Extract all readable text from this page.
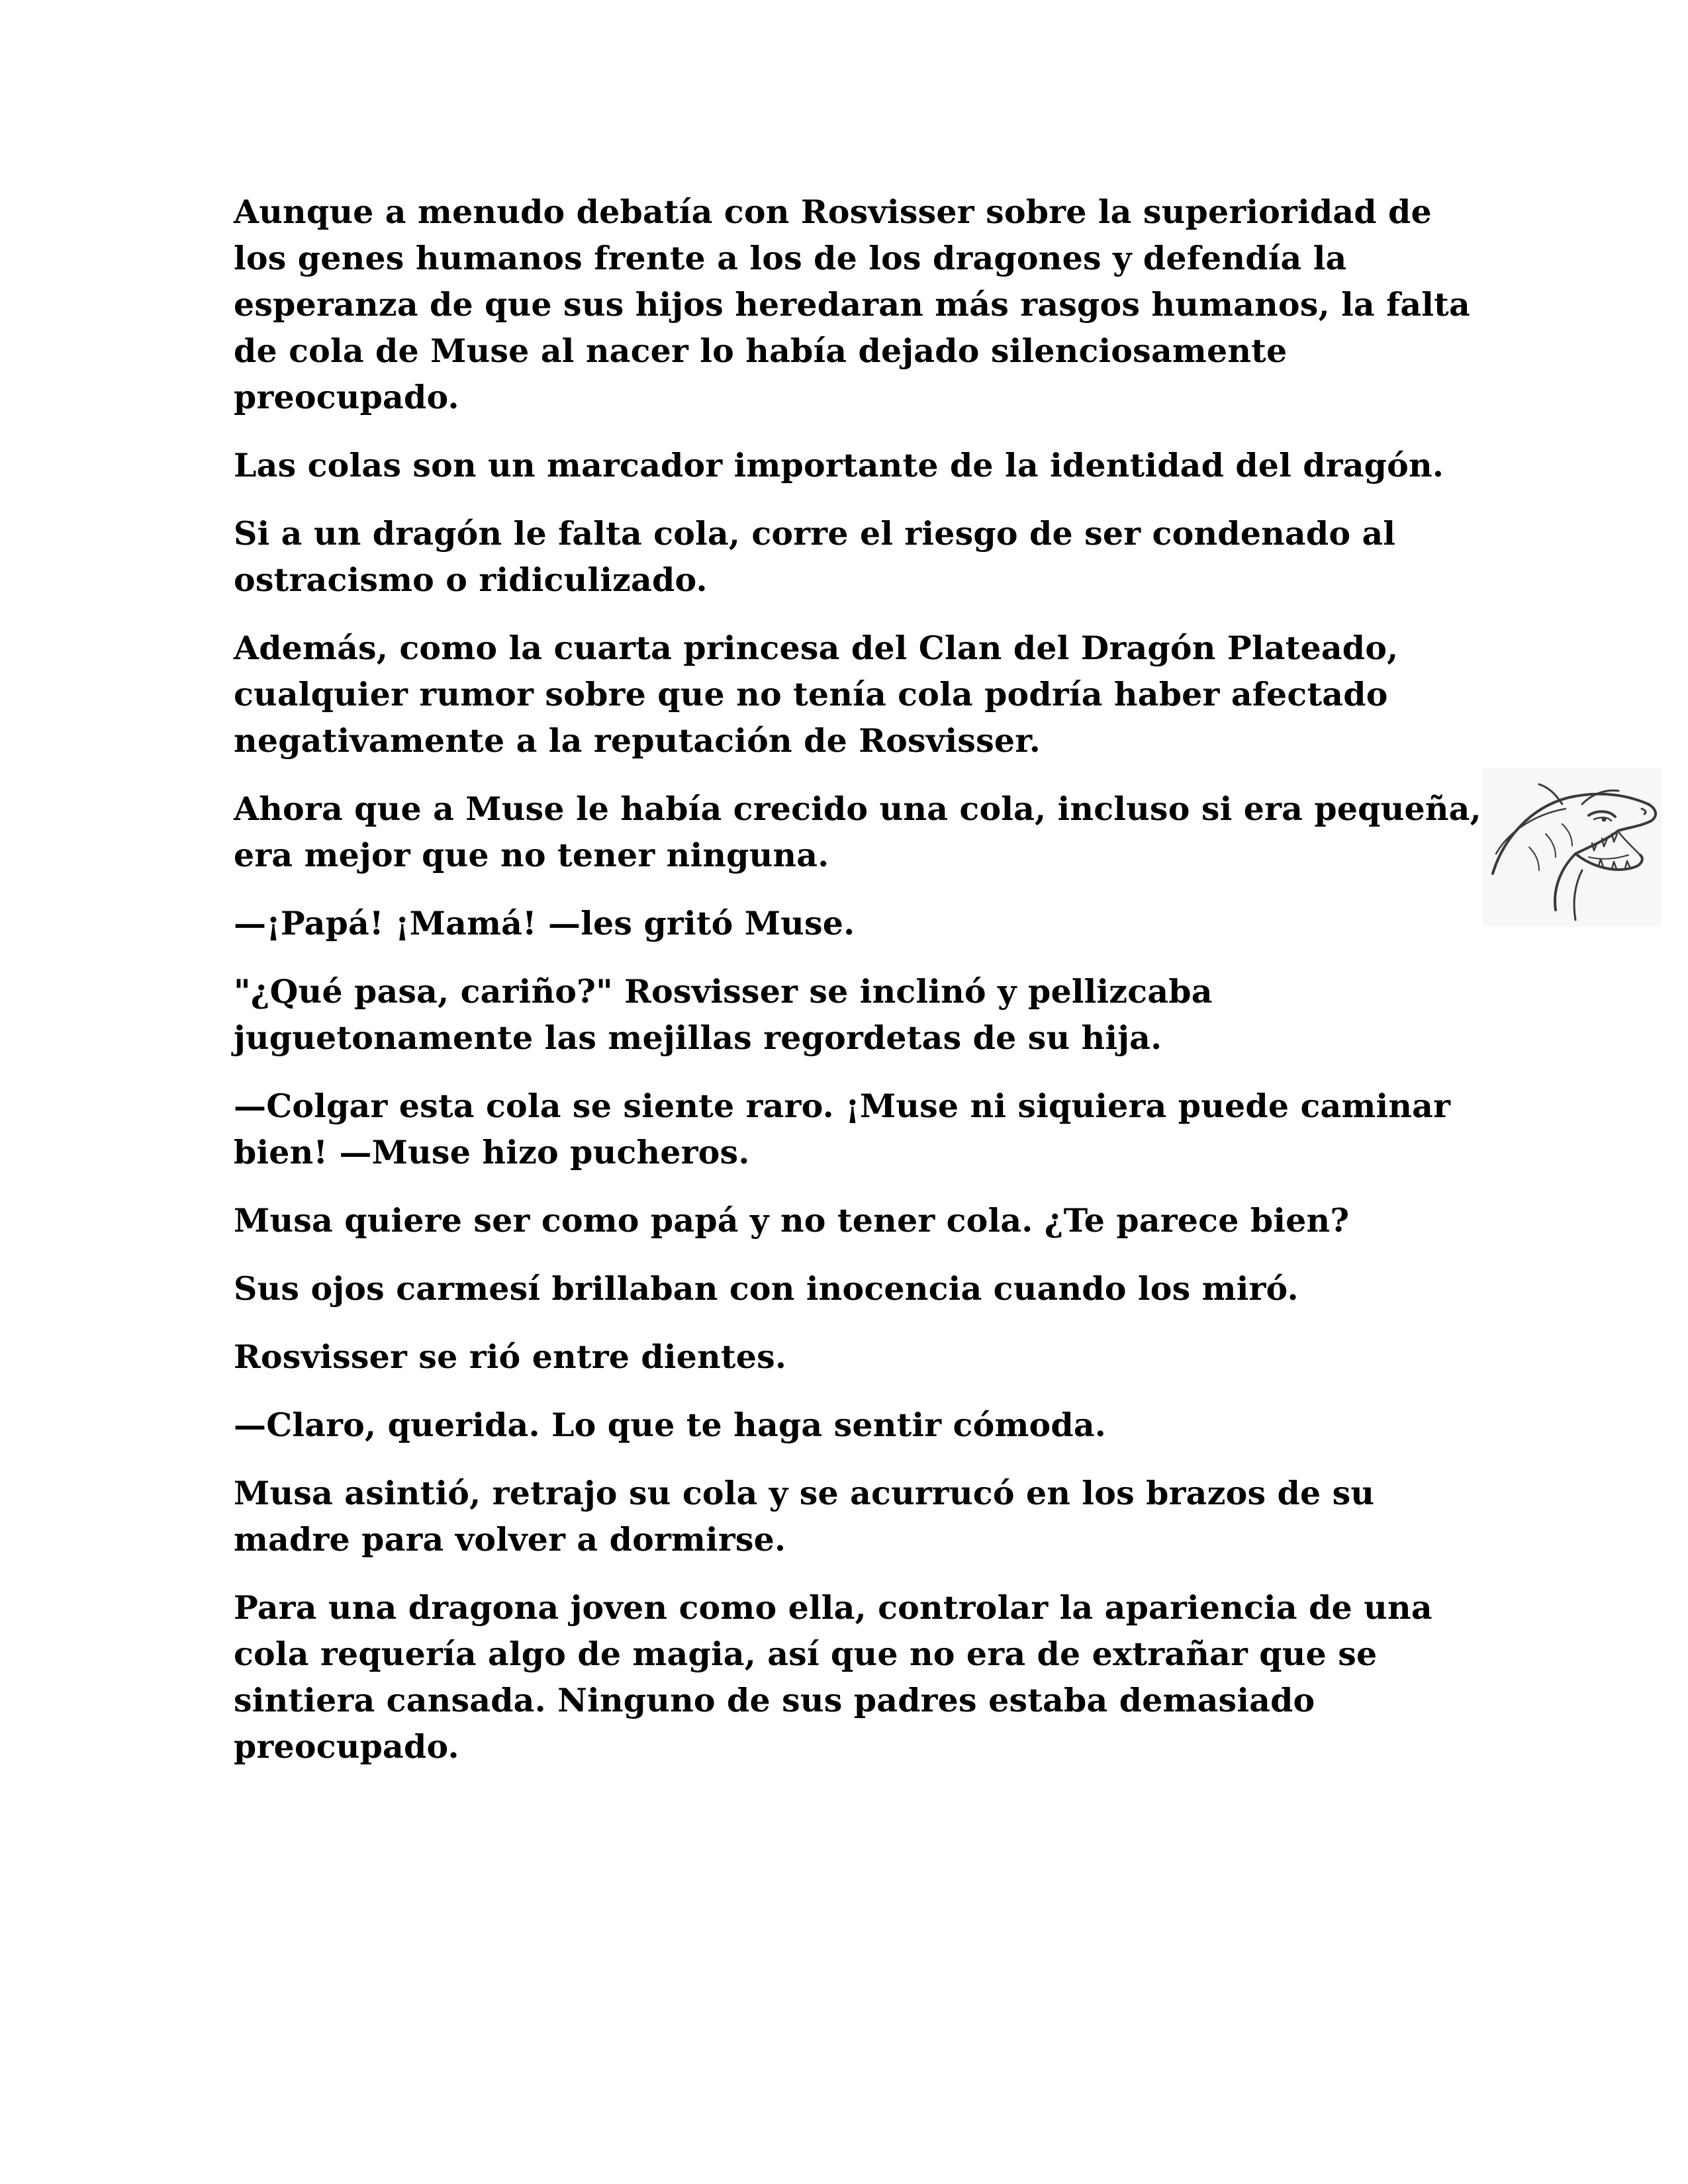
Aunque a menudo debatía con Rosvisser sobre la superioridad de los genes humanos frente a los de los dragones y defendía la esperanza de que sus hijos heredaran más rasgos humanos, la falta de cola de Muse al nacer lo había dejado silenciosamente preocupado.

Las colas son un marcador importante de la identidad del dragón.

Si a un dragón le falta cola, corre el riesgo de ser condenado al ostracismo o ridiculizado.

Además, como la cuarta princesa del Clan del Dragón Plateado, cualquier rumor sobre que no tenía cola podría haber afectado negativamente a la reputación de Rosvisser.

Ahora que a Muse le había crecido una cola, incluso si era pequeña, era mejor que no tener ninguna.

—¡Papá! ¡Mamá! —les gritó Muse.

"¿Qué pasa, cariño?" Rosvisser se inclinó y pellizcaba juguetonamente las mejillas regordetas de su hija.

—Colgar esta cola se siente raro. ¡Muse ni siquiera puede caminar bien! —Muse hizo pucheros.

Musa quiere ser como papá y no tener cola. ¿Te parece bien?

Sus ojos carmesí brillaban con inocencia cuando los miró.

Rosvisser se rió entre dientes.

—Claro, querida. Lo que te haga sentir cómoda.

Musa asintió, retrajo su cola y se acurrucó en los brazos de su madre para volver a dormirse.

Para una dragona joven como ella, controlar la apariencia de una cola requería algo de magia, así que no era de extrañar que se sintiera cansada. Ninguno de sus padres estaba demasiado preocupado.
